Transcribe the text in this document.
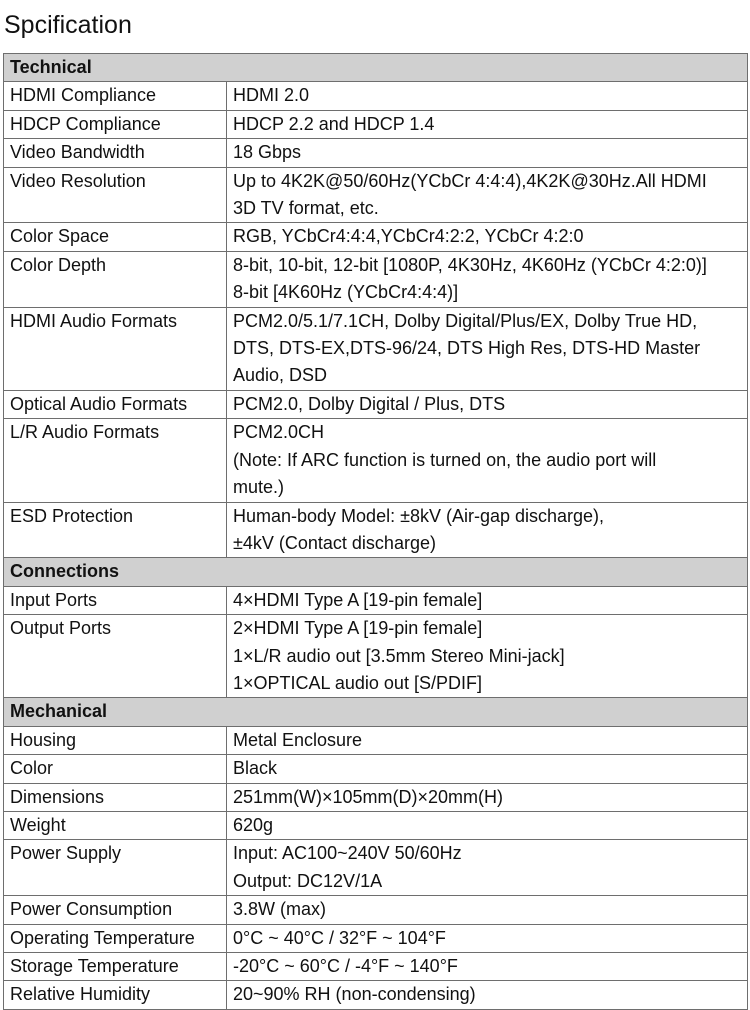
Spcification
Technical	
HDMI Compliance	HDMI 2.0

HDCP Compliance	HDCP 2.2 and HDCP 1.4

Video Bandwidth	18 Gbps

Video Resolution	Up to 4K2K@50/60Hz(YCbCr 4:4:4),4K2K@30Hz.All HDMI
3D TV format, etc.

Color Space	RGB, YCbCr4:4:4,YCbCr4:2:2, YCbCr 4:2:0

Color Depth	8-bit, 10-bit, 12-bit [1080P, 4K30Hz, 4K60Hz (YCbCr 4:2:0)]
8-bit [4K60Hz (YCbCr4:4:4)]

HDMI Audio Formats	PCM2.0/5.1/7.1CH, Dolby Digital/Plus/EX, Dolby True HD,
DTS, DTS-EX,DTS-96/24, DTS High Res, DTS-HD Master
Audio, DSD

Optical Audio Formats	PCM2.0, Dolby Digital / Plus, DTS

L/R Audio Formats	PCM2.0CH
(Note: If ARC function is turned on, the audio port will
mute.)

ESD Protection	Human-body Model: ±8kV (Air-gap discharge),
±4kV (Contact discharge)

Connections	
Input Ports	4×HDMI Type A [19-pin female]

Output Ports	2×HDMI Type A [19-pin female]
1×L/R audio out [3.5mm Stereo Mini-jack]
1×OPTICAL audio out [S/PDIF]

Mechanical	
Housing	Metal Enclosure

Color	Black

Dimensions	251mm(W)×105mm(D)×20mm(H)

Weight	620g

Power Supply	Input: AC100~240V 50/60Hz
Output: DC12V/1A

Power Consumption	3.8W (max)

Operating Temperature	0°C ~ 40°C / 32°F ~ 104°F

Storage Temperature	-20°C ~ 60°C / -4°F ~ 140°F

Relative Humidity	20~90% RH (non-condensing)
